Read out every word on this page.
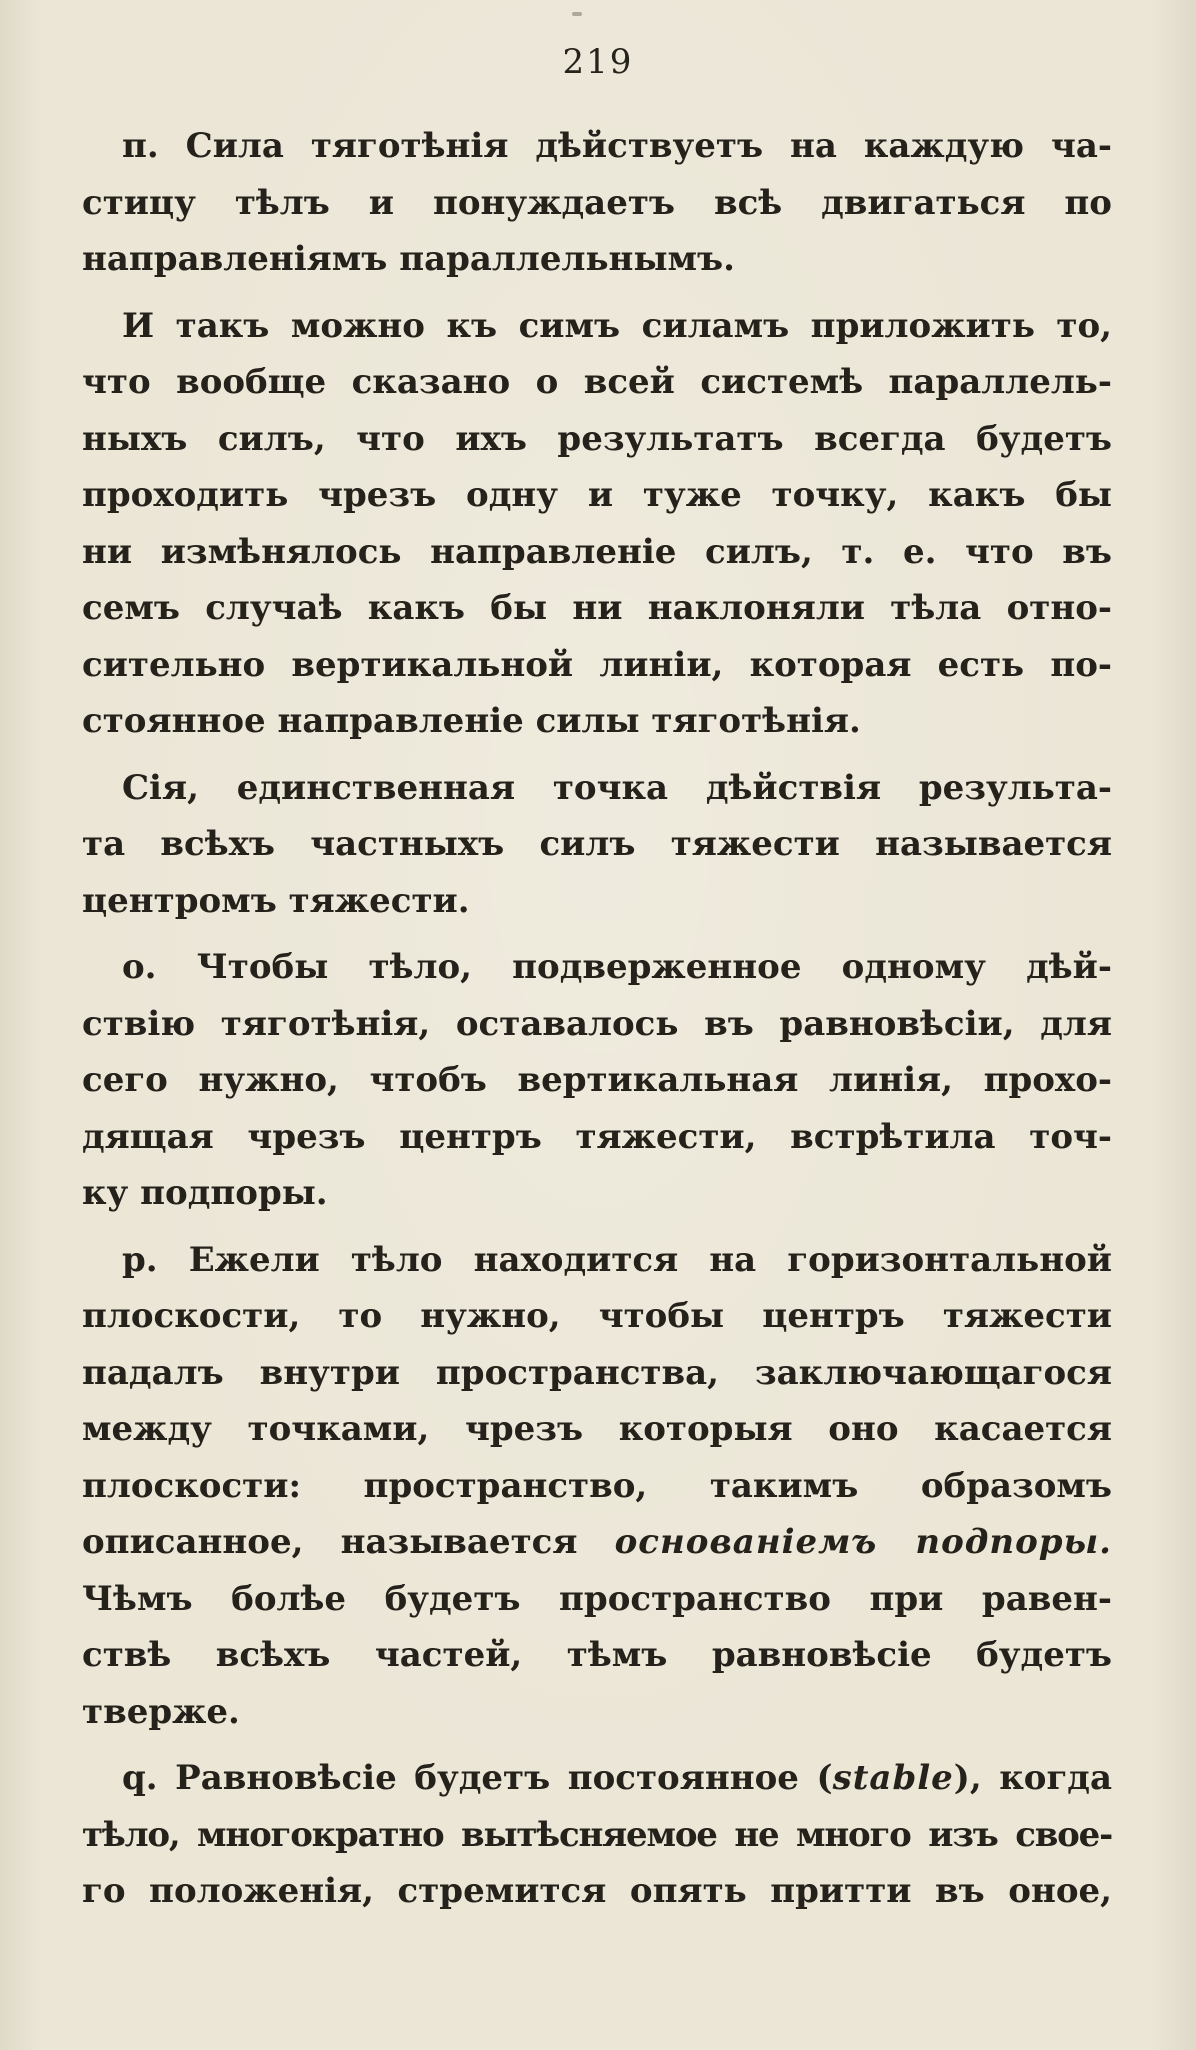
219
п. Сила тяготѣнія дѣйствуетъ на каждую ча-
стицу тѣлъ и понуждаетъ всѣ двигаться по
направленіямъ параллельнымъ.
И такъ можно къ симъ силамъ приложить то,
что вообще сказано о всей системѣ параллель-
ныхъ силъ, что ихъ результатъ всегда будетъ
проходить чрезъ одну и туже точку, какъ бы
ни измѣнялось направленіе силъ, т. е. что въ
семъ случаѣ какъ бы ни наклоняли тѣла отно-
сительно вертикальной линіи, которая есть по-
стоянное направленіе силы тяготѣнія.
Сія, единственная точка дѣйствія результа-
та всѣхъ частныхъ силъ тяжести называется
центромъ тяжести.
о. Чтобы тѣло, подверженное одному дѣй-
ствію тяготѣнія, оставалось въ равновѣсіи, для
сего нужно, чтобъ вертикальная линія, прохо-
дящая чрезъ центръ тяжести, встрѣтила точ-
ку подпоры.
р. Ежели тѣло находится на горизонтальной
плоскости, то нужно, чтобы центръ тяжести
падалъ внутри пространства, заключающагося
между точками, чрезъ которыя оно касается
плоскости: пространство, такимъ образомъ
описанное, называется основаніемъ подпоры.
Чѣмъ болѣе будетъ пространство при равен-
ствѣ всѣхъ частей, тѣмъ равновѣсіе будетъ
тверже.
q. Равновѣсіе будетъ постоянное (stable), когда
тѣло, многократно вытѣсняемое не много изъ свое-
го положенія, стремится опять притти въ оное,
